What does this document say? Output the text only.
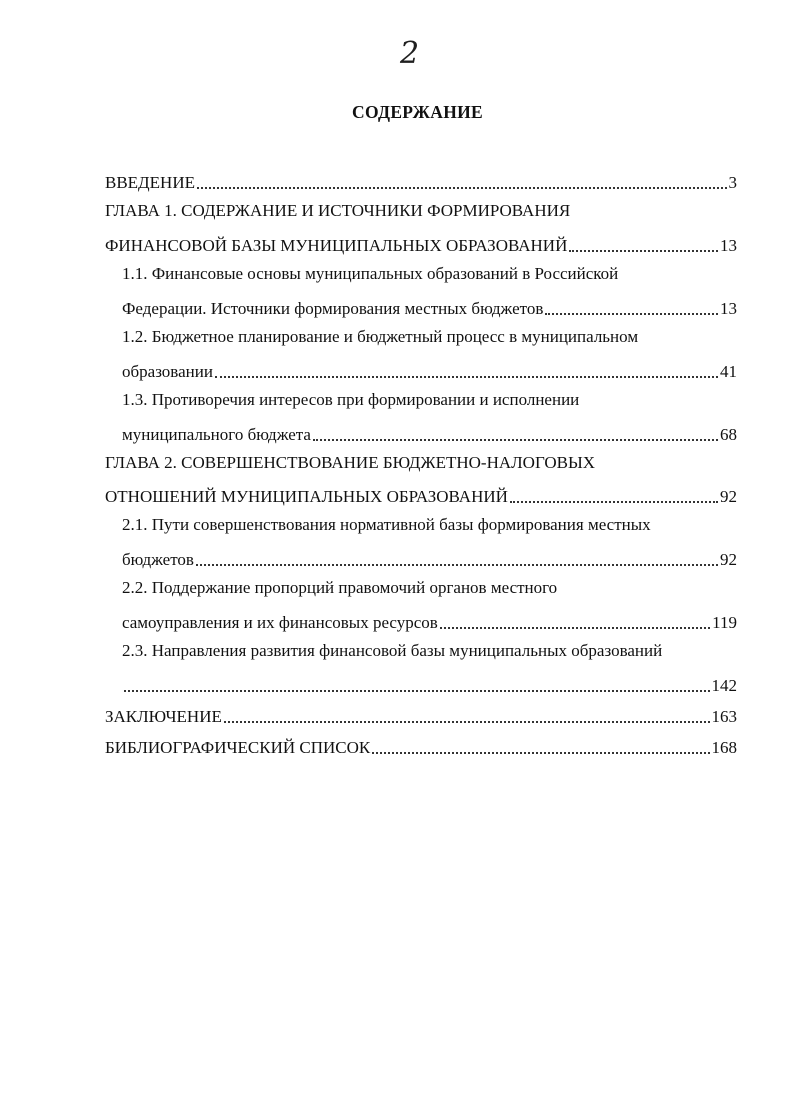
2
СОДЕРЖАНИЕ
ВВЕДЕНИЕ	3
ГЛАВА 1. СОДЕРЖАНИЕ И ИСТОЧНИКИ ФОРМИРОВАНИЯ
ФИНАНСОВОЙ БАЗЫ МУНИЦИПАЛЬНЫХ ОБРАЗОВАНИЙ	13
1.1. Финансовые основы муниципальных образований в Российской
Федерации. Источники формирования местных бюджетов	13
1.2. Бюджетное планирование и бюджетный процесс в муниципальном
образовании	41
1.3. Противоречия интересов при формировании и исполнении
муниципального бюджета	68
ГЛАВА 2. СОВЕРШЕНСТВОВАНИЕ БЮДЖЕТНО-НАЛОГОВЫХ
ОТНОШЕНИЙ МУНИЦИПАЛЬНЫХ ОБРАЗОВАНИЙ	92
2.1. Пути совершенствования нормативной базы формирования местных
бюджетов	92
2.2. Поддержание пропорций правомочий органов местного
самоуправления и их финансовых ресурсов	119
2.3. Направления развития финансовой базы муниципальных образований
142
ЗАКЛЮЧЕНИЕ	163
БИБЛИОГРАФИЧЕСКИЙ СПИСОК	168
